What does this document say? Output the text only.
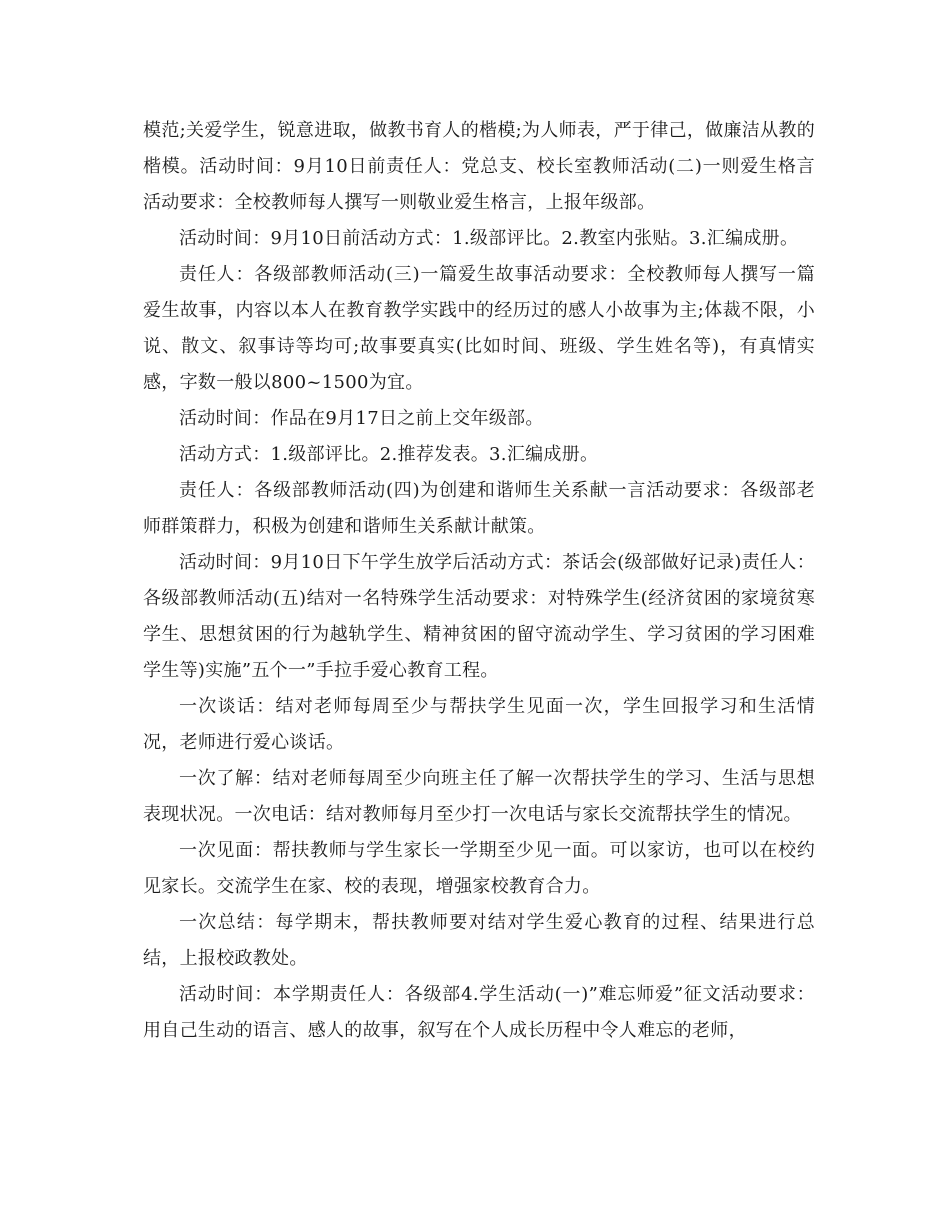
模范;关爱学生，锐意进取，做教书育人的楷模;为人师表，严于律己，做廉洁从教的楷模。活动时间：9月10日前责任人：党总支、校长室教师活动(二)一则爱生格言活动要求：全校教师每人撰写一则敬业爱生格言，上报年级部。

活动时间：9月10日前活动方式：1.级部评比。2.教室内张贴。3.汇编成册。

责任人：各级部教师活动(三)一篇爱生故事活动要求：全校教师每人撰写一篇爱生故事，内容以本人在教育教学实践中的经历过的感人小故事为主;体裁不限，小说、散文、叙事诗等均可;故事要真实(比如时间、班级、学生姓名等)，有真情实感，字数一般以800~1500为宜。

活动时间：作品在9月17日之前上交年级部。

活动方式：1.级部评比。2.推荐发表。3.汇编成册。

责任人：各级部教师活动(四)为创建和谐师生关系献一言活动要求：各级部老师群策群力，积极为创建和谐师生关系献计献策。

活动时间：9月10日下午学生放学后活动方式：茶话会(级部做好记录)责任人：各级部教师活动(五)结对一名特殊学生活动要求：对特殊学生(经济贫困的家境贫寒学生、思想贫困的行为越轨学生、精神贫困的留守流动学生、学习贫困的学习困难学生等)实施”五个一”手拉手爱心教育工程。

一次谈话：结对老师每周至少与帮扶学生见面一次，学生回报学习和生活情况，老师进行爱心谈话。

一次了解：结对老师每周至少向班主任了解一次帮扶学生的学习、生活与思想表现状况。一次电话：结对教师每月至少打一次电话与家长交流帮扶学生的情况。

一次见面：帮扶教师与学生家长一学期至少见一面。可以家访，也可以在校约见家长。交流学生在家、校的表现，增强家校教育合力。

一次总结：每学期末，帮扶教师要对结对学生爱心教育的过程、结果进行总结，上报校政教处。

活动时间：本学期责任人：各级部4.学生活动(一)”难忘师爱”征文活动要求：用自己生动的语言、感人的故事，叙写在个人成长历程中令人难忘的老师，
